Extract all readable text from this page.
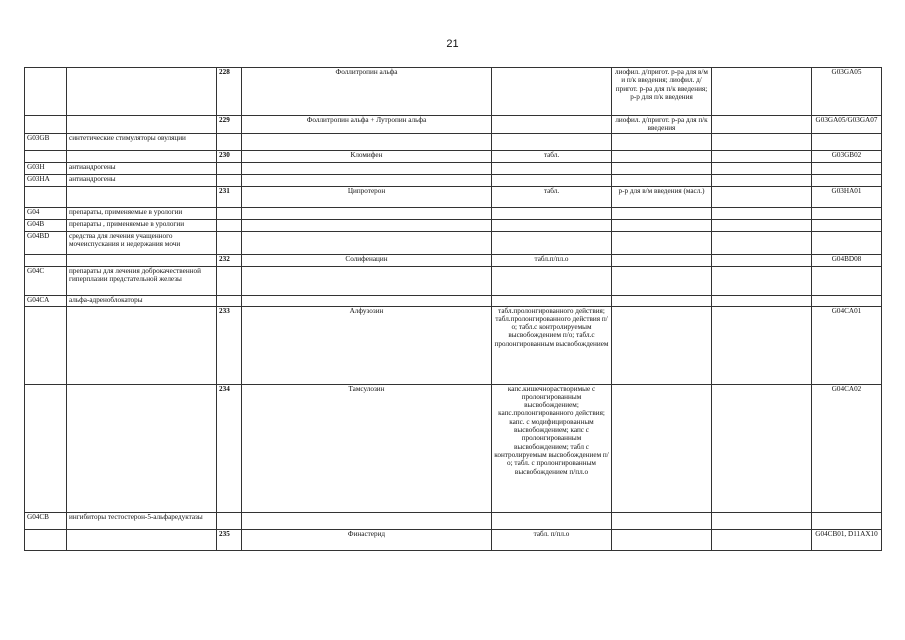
21
		228	Фоллитропин альфа		лиофил. д/пригот. р-ра для в/м и п/к введения; лиофил. д/пригот. р-ра для п/к введения; р-р для п/к введения		G03GA05
		229	Фоллитропин альфа + Лутропин альфа		лиофил. д/пригот. р-ра для п/к введения		G03GA05/G03GA07
G03GB	синтетические стимуляторы овуляции						
		230	Кломифен	табл.			G03GB02
G03H	антиандрогены						
G03HA	антиандрогены						
		231	Ципротерон	табл.	р-р для в/м введения (масл.)		G03HA01
G04	препараты, применяемые в урологии						
G04B	препараты , применяемые в урологии						
G04BD	средства для лечения учащенного мочеиспускания и недержания мочи						
		232	Солифенацин	табл.п/пл.о			G04BD08
G04C	препараты для лечения доброкачественной гиперплазии предстательной железы						
G04CA	альфа-адреноблокаторы						
		233	Алфузозин	табл.пролонгированного действия; табл.пролонгированного действия п/о; табл.с контролируемым высвобождением п/о; табл.с пролонгированным высвобождением			G04CA01
		234	Тамсулозин	капс.кишечнорастворимые с пролонгированным высвобождением; капс.пролонгированного действия; капс. с модифицированным высвобождением; капс с пролонгированным высвобождением; табл с контролируемым высвобождением п/о; табл. с пролонгированным высвобождением п/пл.о			G04CA02
G04CB	ингибиторы тестостерон-5-альфаредуктазы						
		235	Финастерид	табл. п/пл.о			G04CB01, D11AX10
